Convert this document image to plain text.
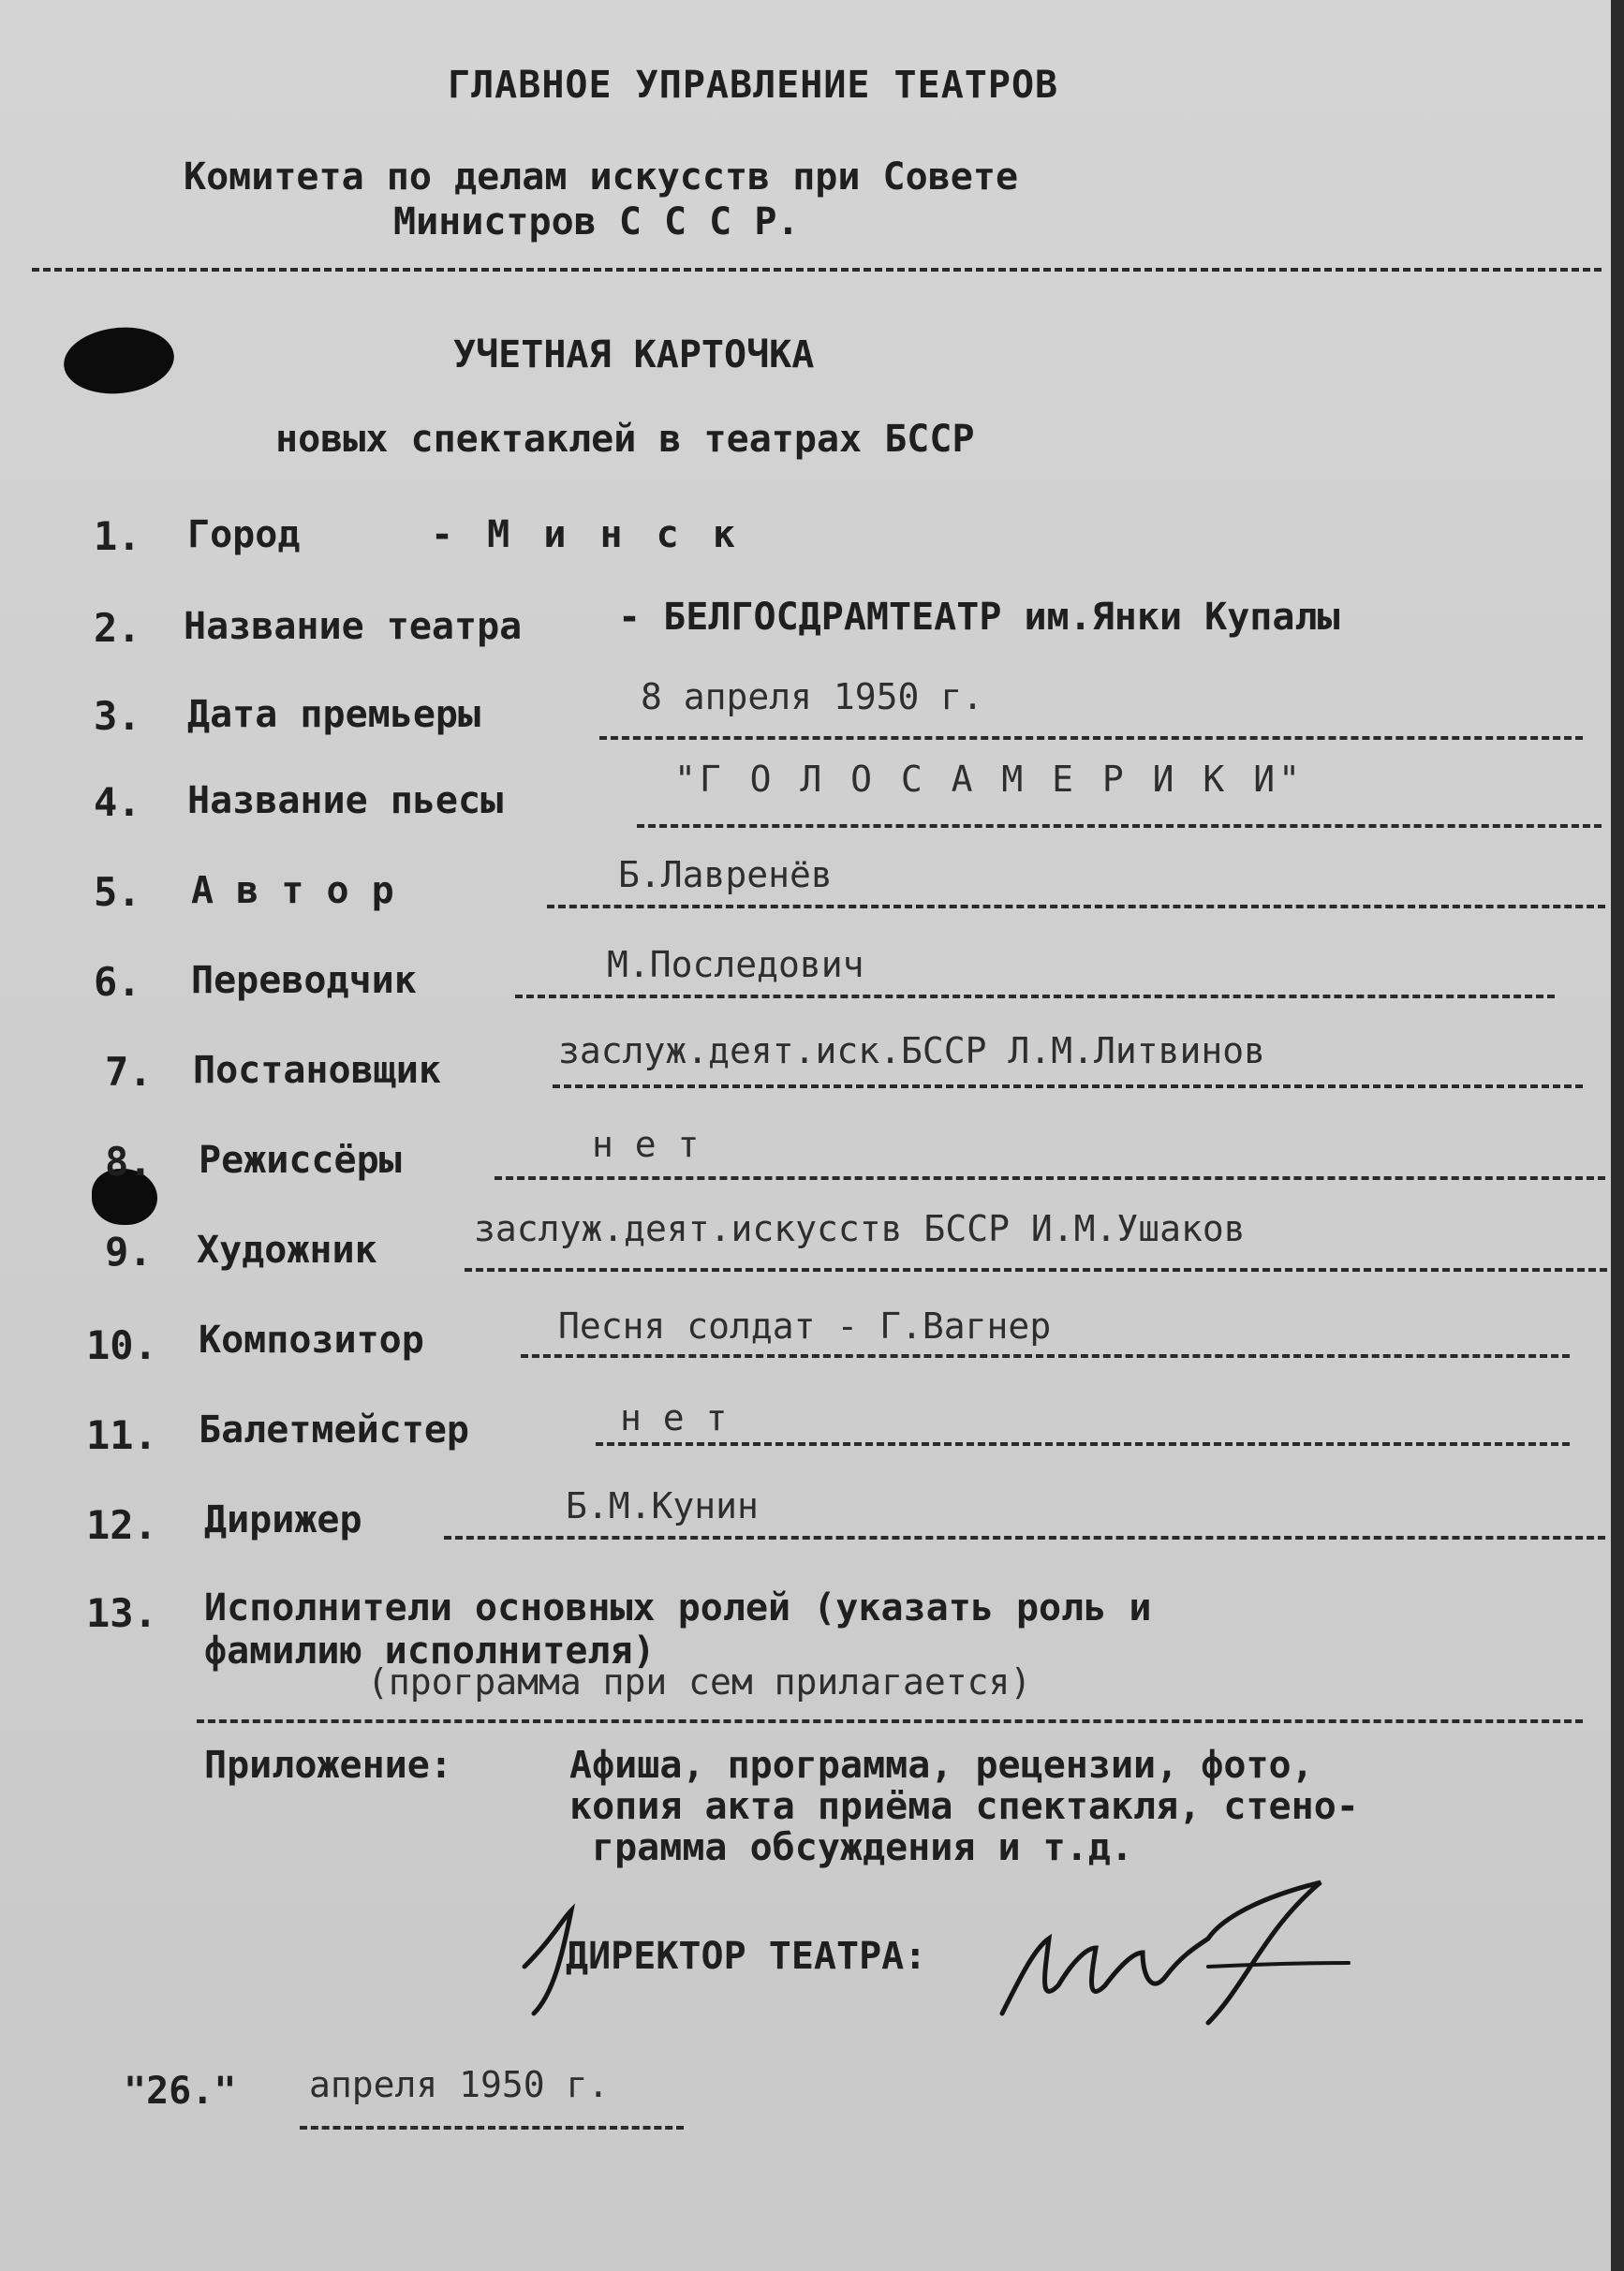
ГЛАВНОЕ УПРАВЛЕНИЕ ТЕАТРОВ
Комитета по делам искусств при Совете
Министров С С С Р.
УЧЕТНАЯ КАРТОЧКА
новых спектаклей в театрах БССР
1. Город	- М и н с к
2. Название театра	- БЕЛГОСДРАМТЕАТР им.Янки Купалы
3. Дата премьеры	8 апреля 1950 г.
4. Название пьесы	"Г О Л О С А М Е Р И К И"
5. А в т о р	Б.Лавренёв
6. Переводчик	М.Последович
7. Постановщик	заслуж.деят.иск.БССР Л.М.Литвинов
8. Режиссёры	н е т
9. Художник	заслуж.деят.искусств БССР И.М.Ушаков
10. Композитор	Песня солдат - Г.Вагнер
11. Балетмейстер	н е т
12. Дирижер	Б.М.Кунин
13. Исполнители основных ролей (указать роль и
фамилию исполнителя)
(программа при сем прилагается)
Приложение:	Афиша, программа, рецензии, фото,
копия акта приёма спектакля, стено-
грамма обсуждения и т.д.
ДИРЕКТОР ТЕАТРА:
"26." апреля 1950 г.
